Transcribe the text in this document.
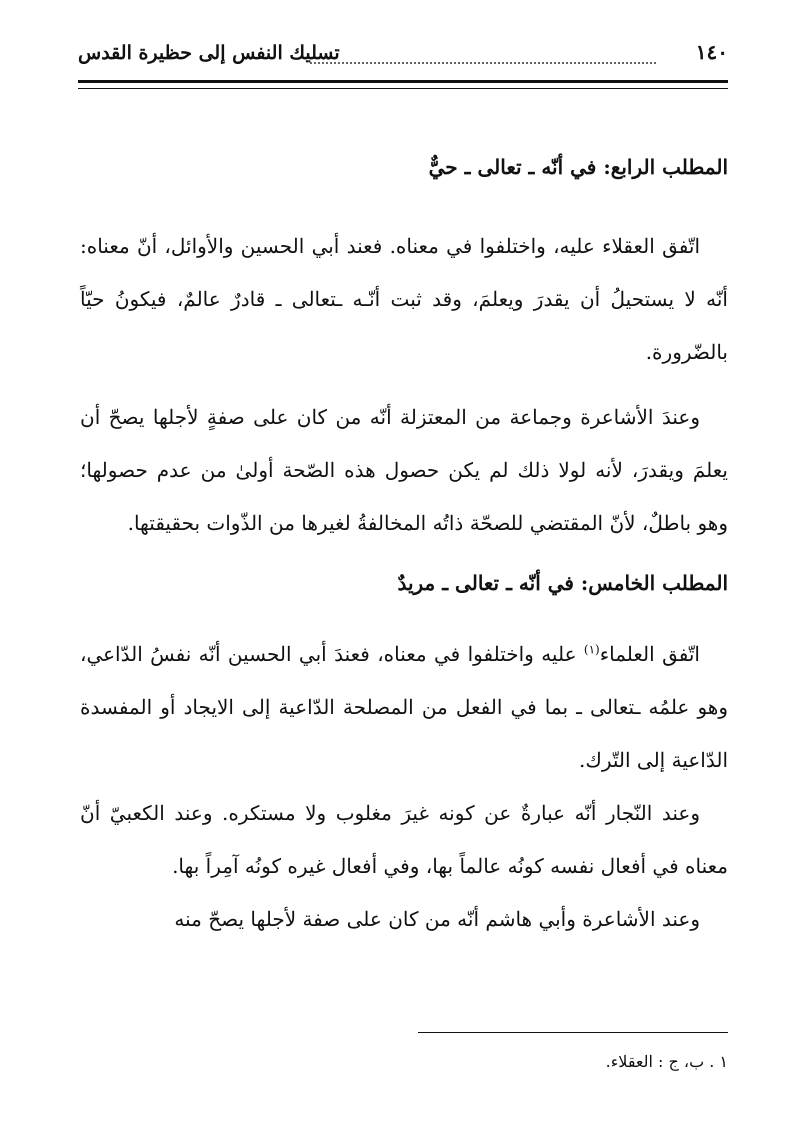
تسليك النفس إلى حظيرة القدس	١٤٠
المطلب الرابع: في أنّه ـ تعالى ـ حيٌّ

اتّفق العقلاء عليه، واختلفوا في معناه. فعند أبي الحسين والأوائل، أنّ معناه: أنّه لا يستحيلُ أن يقدرَ ويعلمَ، وقد ثبت أنّـه ـتعالى ـ قادرٌ عالمٌ، فيكونُ حيّاً بالضّرورة.

وعندَ الأشاعرة وجماعة من المعتزلة أنّه من كان على صفةٍ لأجلها يصحّ أن يعلمَ ويقدرَ، لأنه لولا ذلك لم يكن حصول هذه الصّحة أولىٰ من عدم حصولها؛ وهو باطلٌ، لأنّ المقتضي للصحّة ذاتُه المخالفةُ لغيرها من الذّوات بحقيقتها.

المطلب الخامس: في أنّه ـ تعالى ـ مريدٌ

اتّفق العلماء$^{(١)}$ عليه واختلفوا في معناه، فعندَ أبي الحسين أنّه نفسُ الدّاعي، وهو علمُه ـتعالى ـ بما في الفعل من المصلحة الدّاعية إلى الايجاد أو المفسدة الدّاعية إلى التّرك.

وعند النّجار أنّه عبارةٌ عن كونه غيرَ مغلوب ولا مستكره. وعند الكعبيّ أنّ معناه في أفعال نفسه كونُه عالماً بها، وفي أفعال غيره كونُه آمِراً بها.

وعند الأشاعرة وأبي هاشم أنّه من كان على صفة لأجلها يصحّ منه

١ . ب، ج : العقلاء.
